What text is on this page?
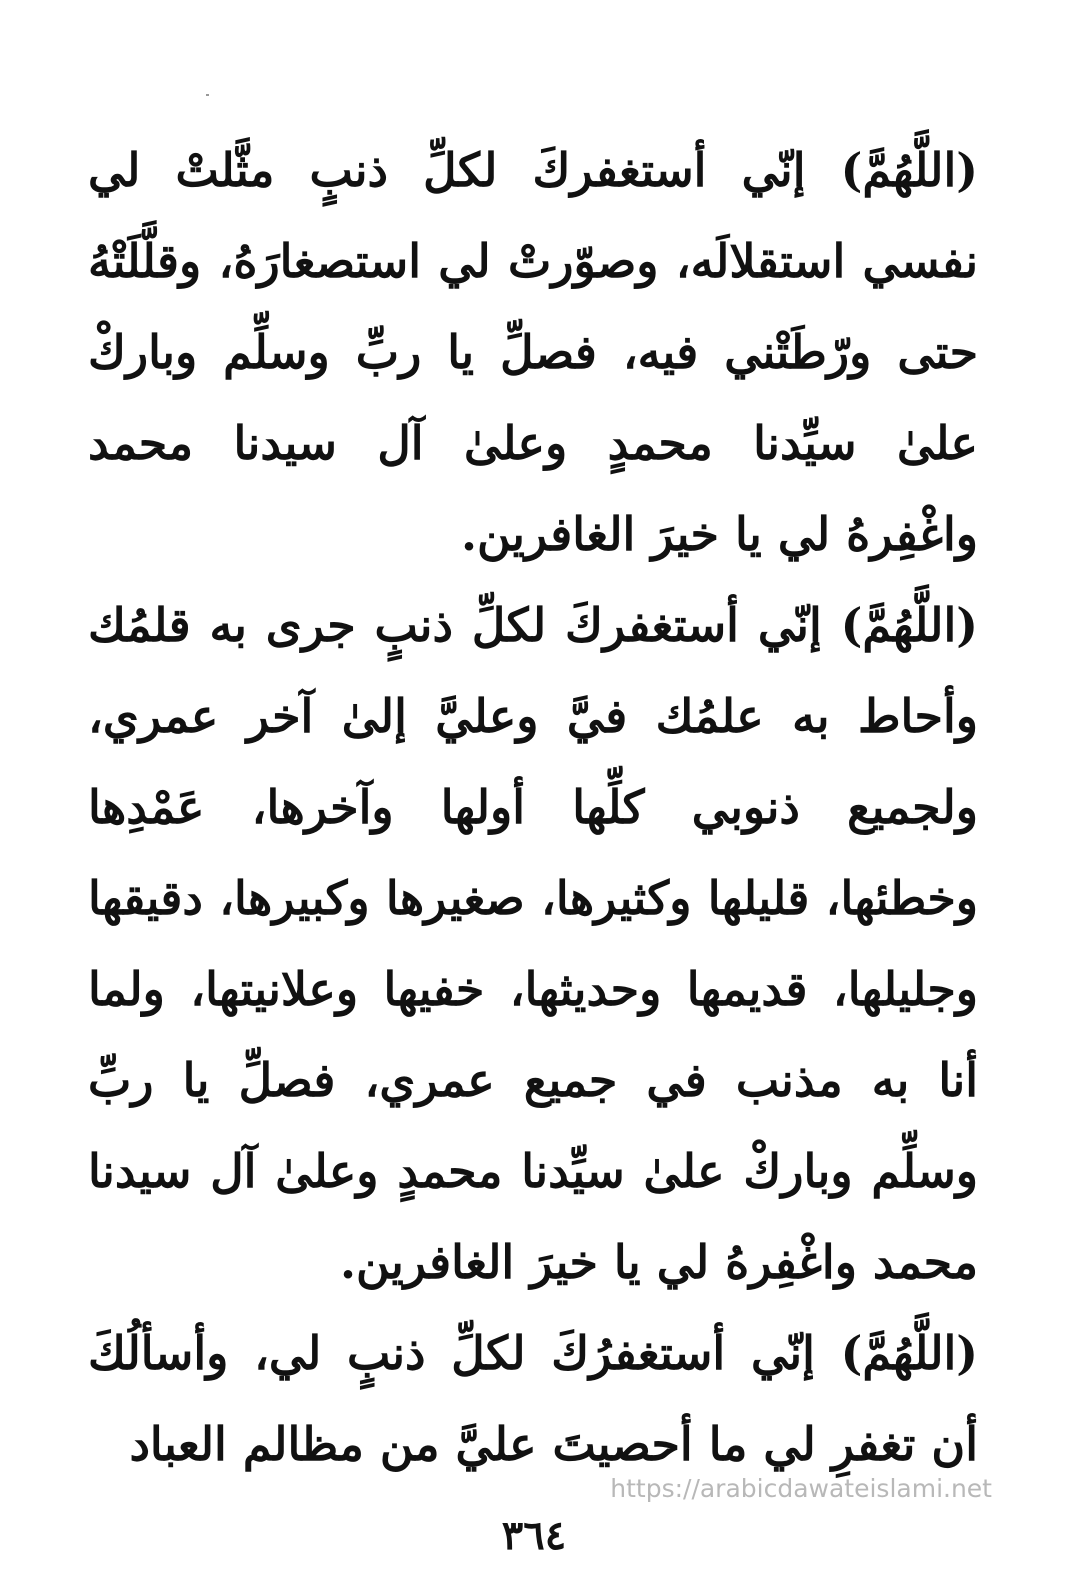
(اللَّهُمَّ) إنّي أستغفركَ لكلِّ ذنبٍ مثَّلتْ لي نفسي استقلالَه، وصوّرتْ لي استصغارَهُ، وقلَّلَتْهُ حتى ورّطَتْني فيه، فصلِّ يا ربِّ وسلِّم وباركْ علىٰ سيِّدنا محمدٍ وعلىٰ آل سيدنا محمد واغْفِرهُ لي يا خيرَ الغافرين.

(اللَّهُمَّ) إنّي أستغفركَ لكلِّ ذنبٍ جرى به قلمُك وأحاط به علمُك فيَّ وعليَّ إلىٰ آخر عمري، ولجميع ذنوبي كلِّها أولها وآخرها، عَمْدِها وخطئها، قليلها وكثيرها، صغيرها وكبيرها، دقيقها وجليلها، قديمها وحديثها، خفيها وعلانيتها، ولما أنا به مذنب في جميع عمري، فصلِّ يا ربِّ وسلِّم وباركْ علىٰ سيِّدنا محمدٍ وعلىٰ آل سيدنا محمد واغْفِرهُ لي يا خيرَ الغافرين.

(اللَّهُمَّ) إنّي أستغفرُكَ لكلِّ ذنبٍ لي، وأسألُكَ أن تغفرِ لي ما أحصيتَ عليَّ من مظالم العباد

https://arabicdawateislami.net
٣٦٤
